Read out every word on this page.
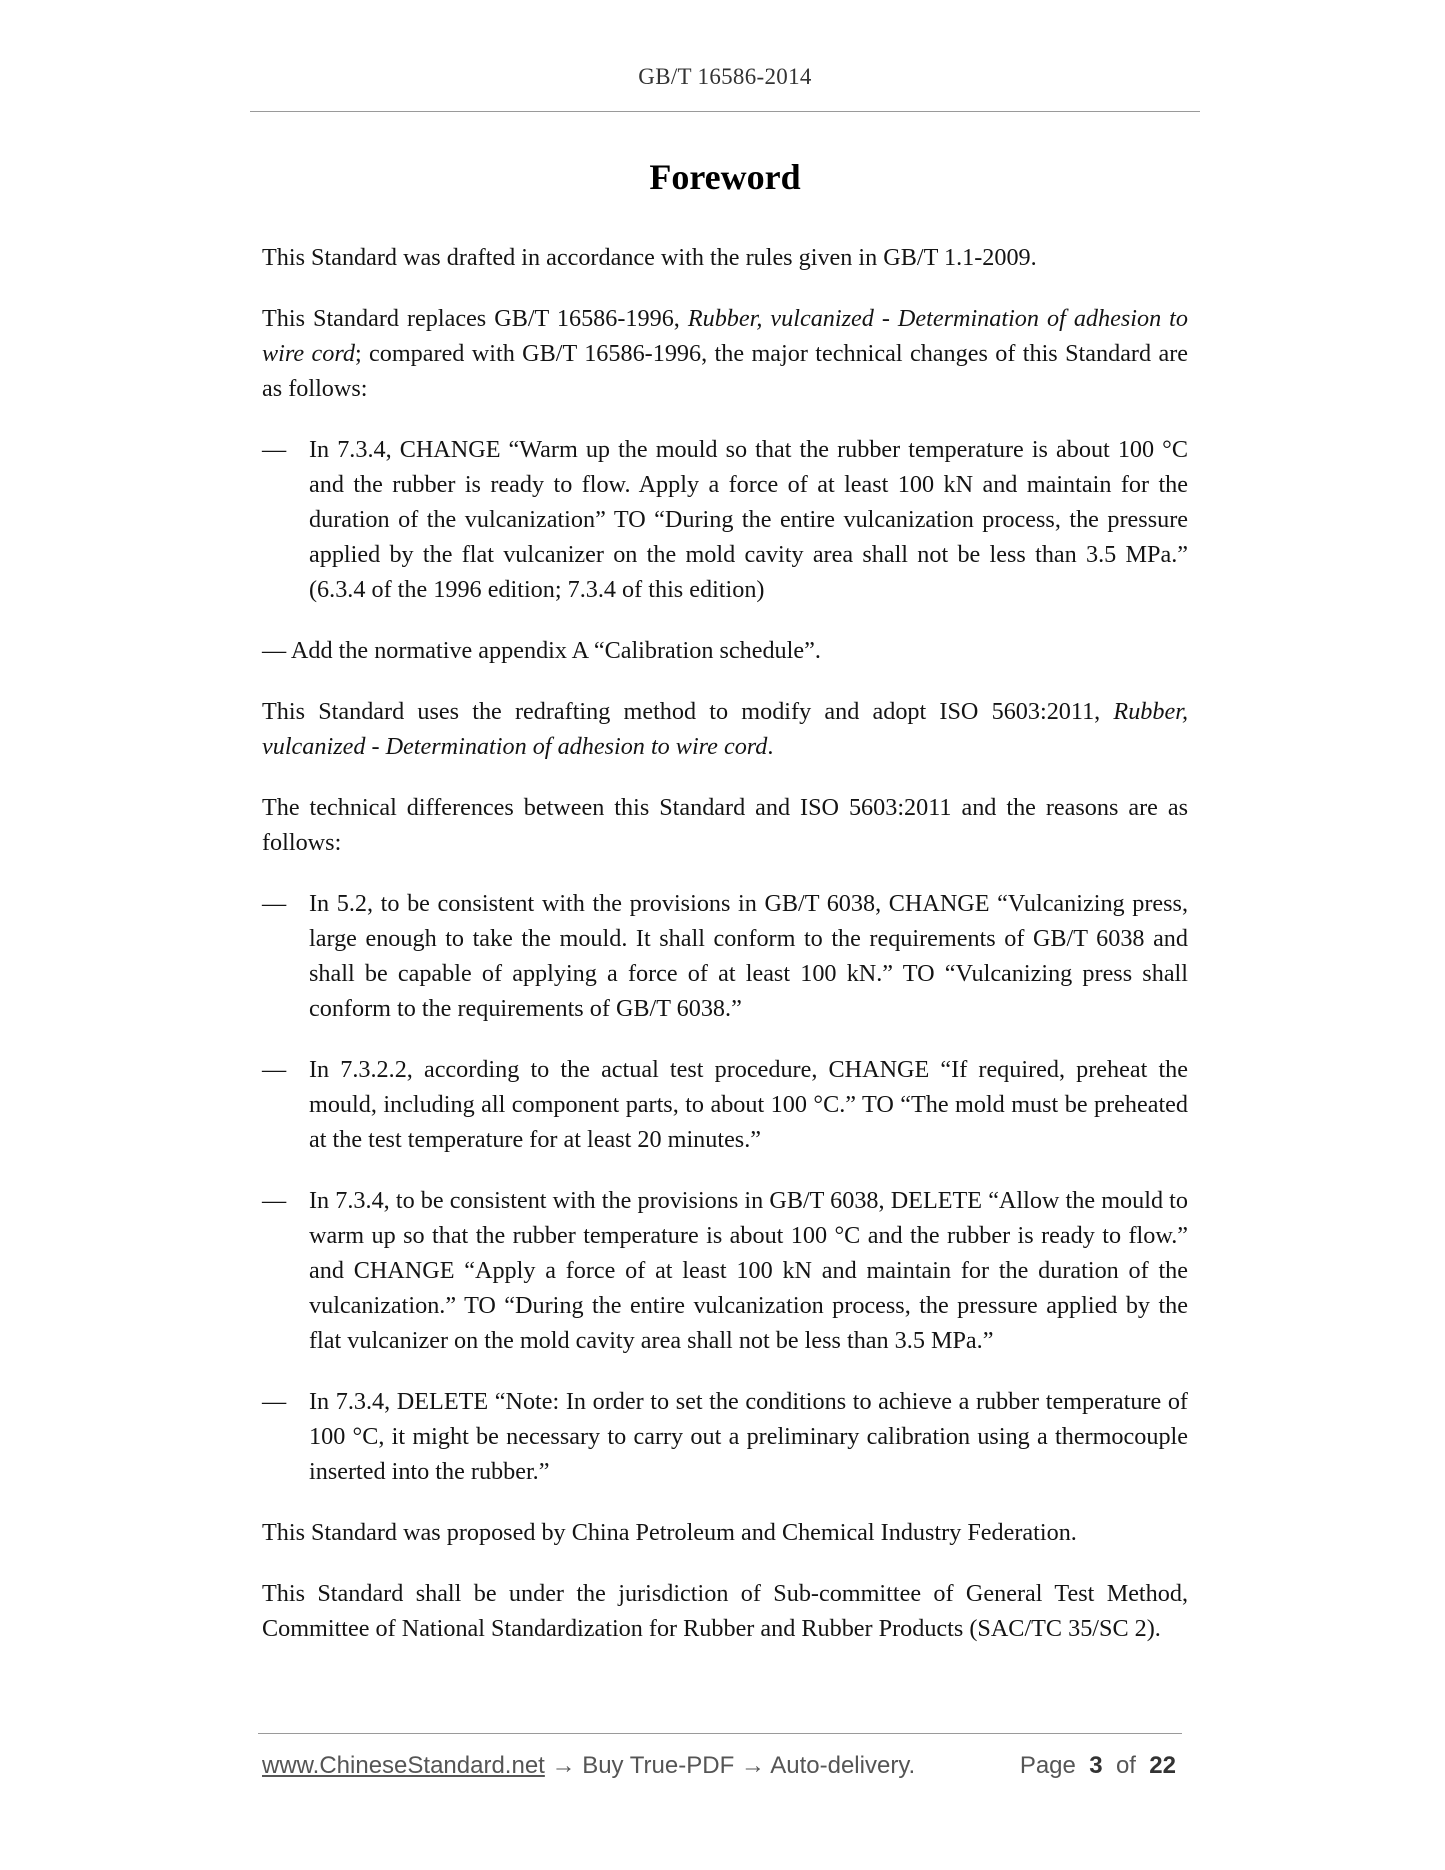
GB/T 16586-2014
Foreword

This Standard was drafted in accordance with the rules given in GB/T 1.1-2009.

This Standard replaces GB/T 16586-1996, Rubber, vulcanized - Determination of adhesion to wire cord; compared with GB/T 16586-1996, the major technical changes of this Standard are as follows:

— In 7.3.4, CHANGE “Warm up the mould so that the rubber temperature is about 100 °C and the rubber is ready to flow. Apply a force of at least 100 kN and maintain for the duration of the vulcanization” TO “During the entire vulcanization process, the pressure applied by the flat vulcanizer on the mold cavity area shall not be less than 3.5 MPa.” (6.3.4 of the 1996 edition; 7.3.4 of this edition)
— Add the normative appendix A “Calibration schedule”.

This Standard uses the redrafting method to modify and adopt ISO 5603:2011, Rubber, vulcanized - Determination of adhesion to wire cord.

The technical differences between this Standard and ISO 5603:2011 and the reasons are as follows:

— In 5.2, to be consistent with the provisions in GB/T 6038, CHANGE “Vulcanizing press, large enough to take the mould. It shall conform to the requirements of GB/T 6038 and shall be capable of applying a force of at least 100 kN.” TO “Vulcanizing press shall conform to the requirements of GB/T 6038.”
— In 7.3.2.2, according to the actual test procedure, CHANGE “If required, preheat the mould, including all component parts, to about 100 °C.” TO “The mold must be preheated at the test temperature for at least 20 minutes.”
— In 7.3.4, to be consistent with the provisions in GB/T 6038, DELETE “Allow the mould to warm up so that the rubber temperature is about 100 °C and the rubber is ready to flow.” and CHANGE “Apply a force of at least 100 kN and maintain for the duration of the vulcanization.” TO “During the entire vulcanization process, the pressure applied by the flat vulcanizer on the mold cavity area shall not be less than 3.5 MPa.”
— In 7.3.4, DELETE “Note: In order to set the conditions to achieve a rubber temperature of 100 °C, it might be necessary to carry out a preliminary calibration using a thermocouple inserted into the rubber.”

This Standard was proposed by China Petroleum and Chemical Industry Federation.

This Standard shall be under the jurisdiction of Sub-committee of General Test Method, Committee of National Standardization for Rubber and Rubber Products (SAC/TC 35/SC 2).

www.ChineseStandard.net → Buy True-PDF → Auto-delivery.	Page 3 of 22
